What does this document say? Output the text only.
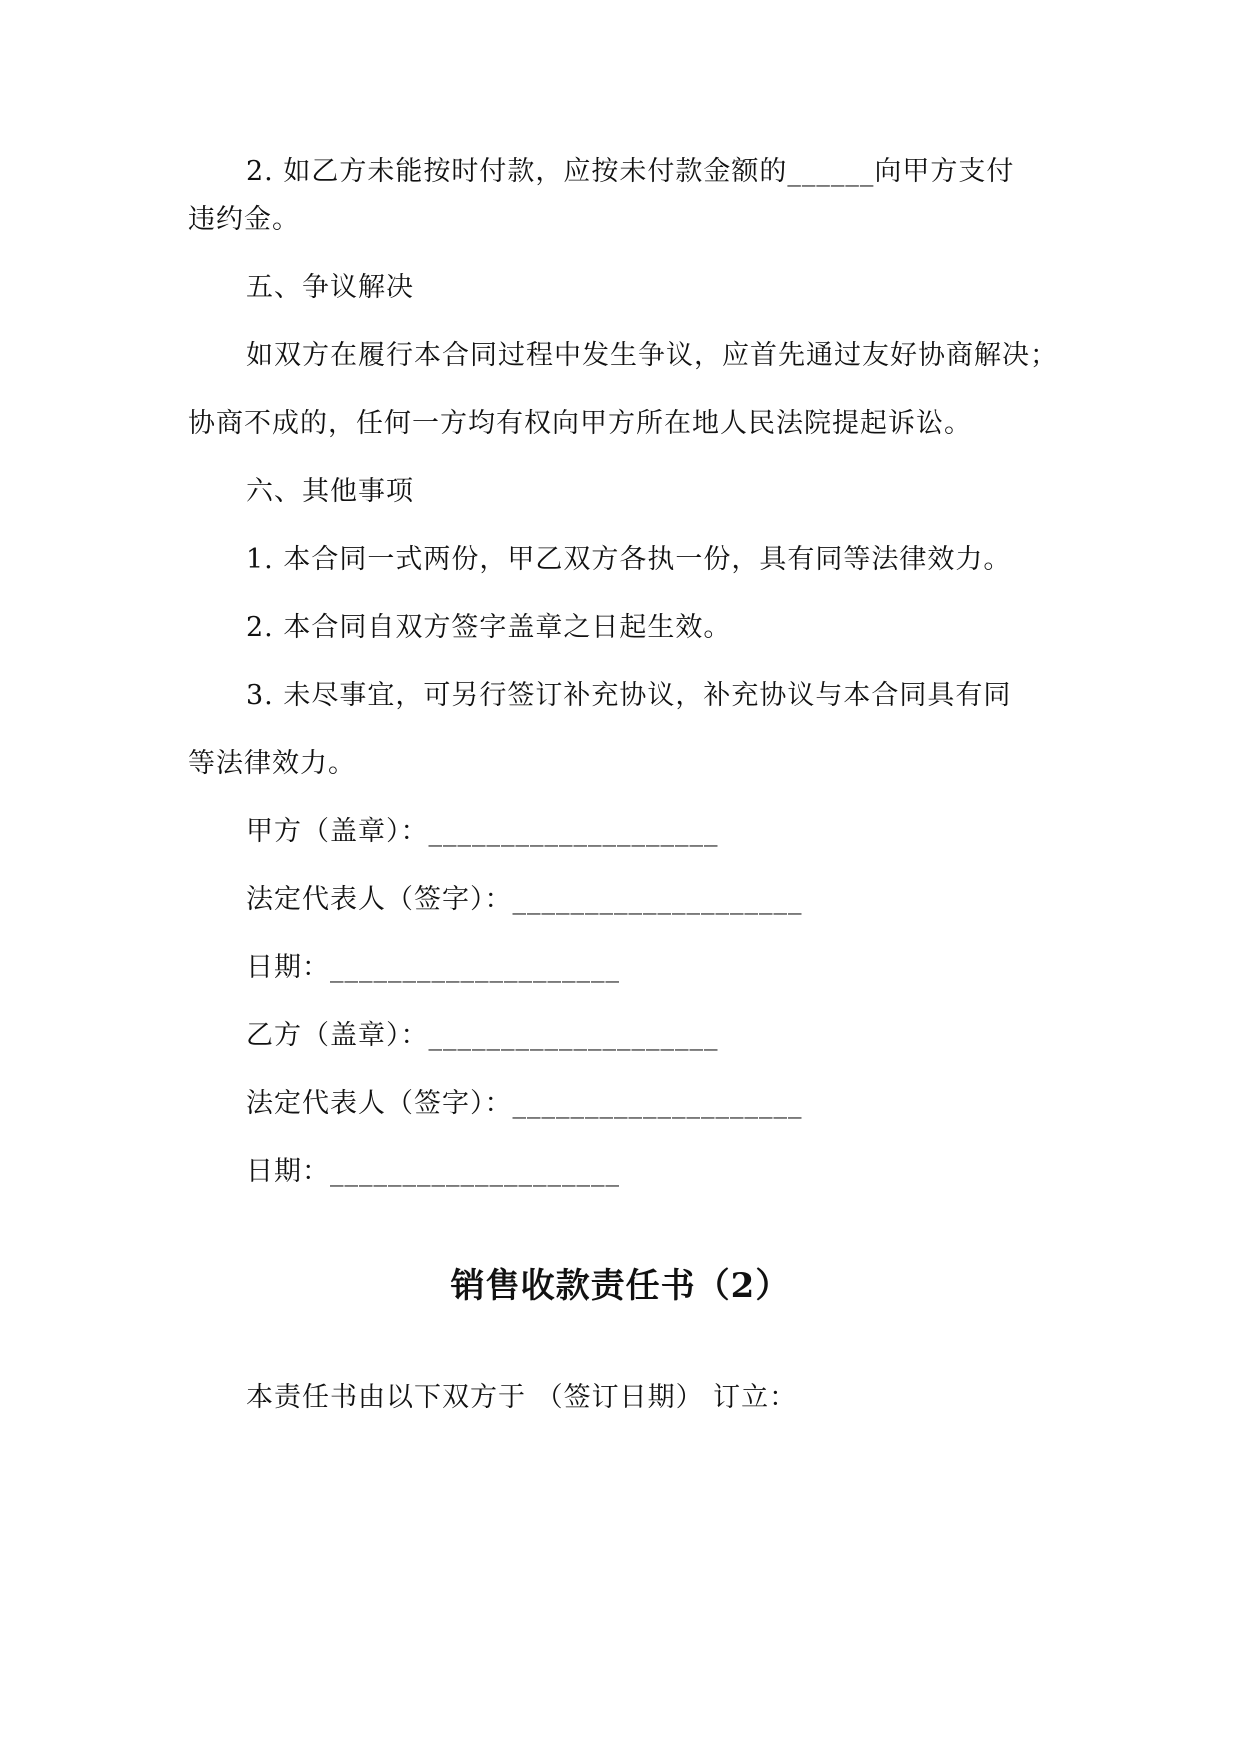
2. 如乙方未能按时付款，应按未付款金额的______向甲方支付
违约金。
五、争议解决
如双方在履行本合同过程中发生争议，应首先通过友好协商解决；
协商不成的，任何一方均有权向甲方所在地人民法院提起诉讼。
六、其他事项
1. 本合同一式两份，甲乙双方各执一份，具有同等法律效力。
2. 本合同自双方签字盖章之日起生效。
3. 未尽事宜，可另行签订补充协议，补充协议与本合同具有同
等法律效力。
甲方（盖章）：____________________
法定代表人（签字）：____________________
日期：____________________
乙方（盖章）：____________________
法定代表人（签字）：____________________
日期：____________________
销售收款责任书（2）
本责任书由以下双方于 （签订日期） 订立：
